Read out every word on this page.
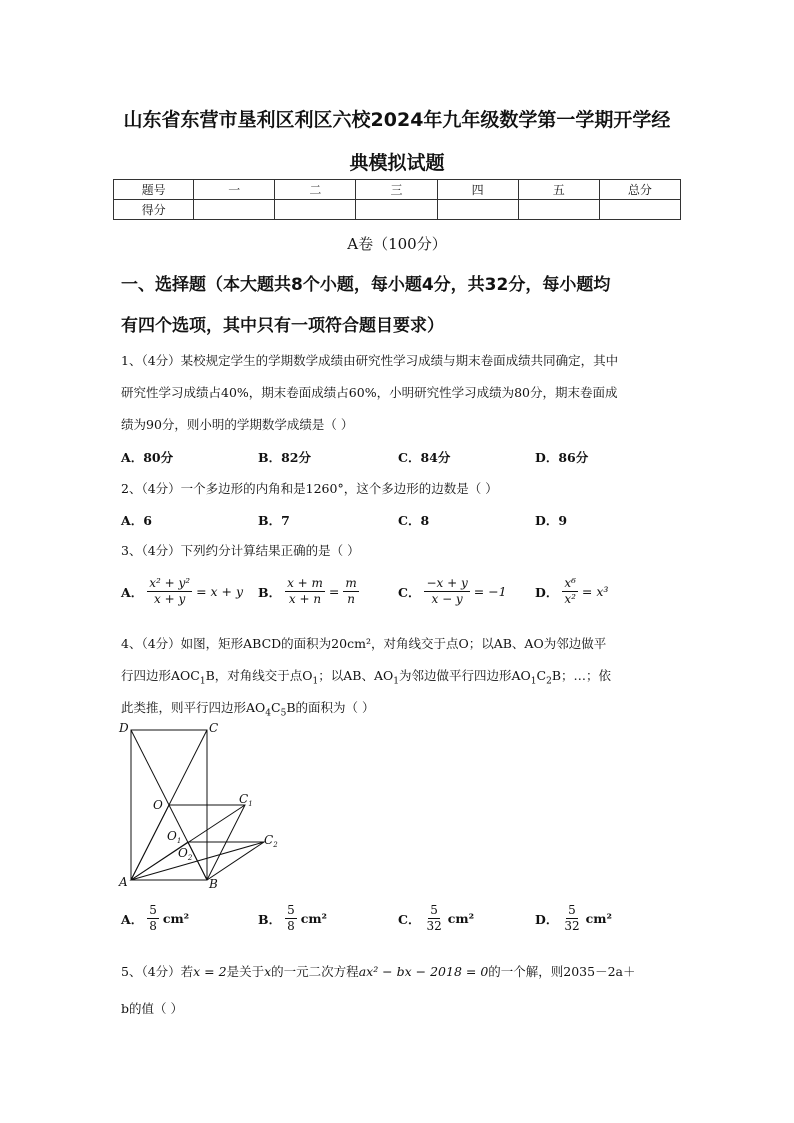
山东省东营市垦利区利区六校2024年九年级数学第一学期开学经
典模拟试题
题号	一	二	三	四	五	总分
得分						
A卷（100分）
一、选择题（本大题共8个小题，每小题4分，共32分，每小题均
有四个选项，其中只有一项符合题目要求）
1、（4分）某校规定学生的学期数学成绩由研究性学习成绩与期末卷面成绩共同确定，其中
研究性学习成绩占40%，期末卷面成绩占60%，小明研究性学习成绩为80分，期末卷面成
绩为90分，则小明的学期数学成绩是（ ）
A．80分	B．82分	C．84分	D．86分
2、（4分）一个多边形的内角和是1260°，这个多边形的边数是（ ）
A．6	B．7	C．8	D．9
3、（4分）下列约分计算结果正确的是（ ）
A． $\frac{\text{x² + y²}}{x + y} = x + y$ B． $\frac{x + m}{x + n} = \frac{m}{n}$	C． $\frac{-x + y}{x - y} = -1$ D． $\frac{\text{x⁶}}{\text{x²}} = x^3$
4、（4分）如图，矩形ABCD的面积为20cm²，对角线交于点O；以AB、AO为邻边做平
行四边形$AOC_1B$，对角线交于点$O_1$；以AB、$AO_1$为邻边做平行四边形$AO_1C_2B$；…；依
此类推，则平行四边形$AO_4C_5B$的面积为（ ）
D	C
O	$C_1$
$O_1$
$O_2$
$C_2$
A	B
A． $\frac{5}{8} cm^2$	B． $\frac{5}{8} cm^2$	C． $\frac{5}{32} cm^2$	D． $\frac{5}{32} cm^2$
5、（4分）若x = 2是关于x的一元二次方程ax² − bx − 2018 = 0的一个解，则2035－2a＋
b的值（ ）
